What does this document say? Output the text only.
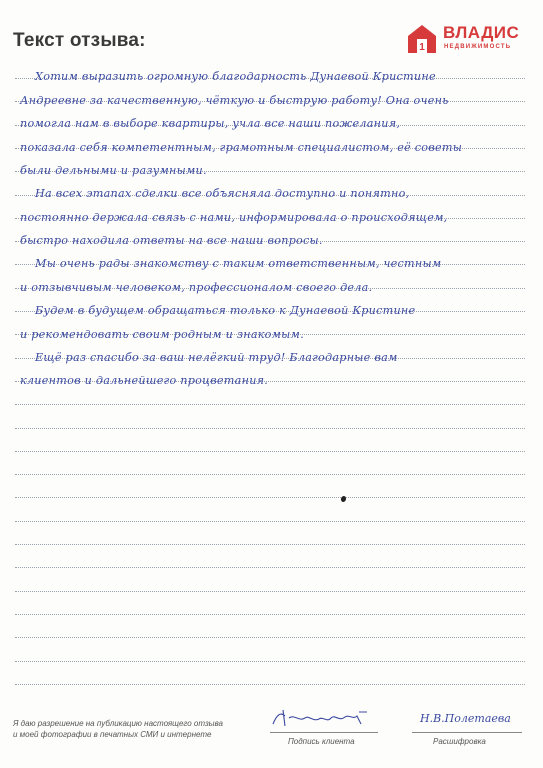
Текст отзыва:	1
ВЛАДИС
НЕДВИЖИМОСТЬ
Хотим выразить огромную благодарность Дунаевой Кристине
Андреевне за качественную, чёткую и быструю работу! Она очень
помогла нам в выборе квартиры, учла все наши пожелания,
показала себя компетентным, грамотным специалистом, её советы
были дельными и разумными.
На всех этапах сделки все объясняла доступно и понятно,
постоянно держала связь с нами, информировала о происходящем,
быстро находила ответы на все наши вопросы.
Мы очень рады знакомству с таким ответственным, честным
и отзывчивым человеком, профессионалом своего дела.
Будем в будущем обращаться только к Дунаевой Кристине
и рекомендовать своим родным и знакомым.
Ещё раз спасибо за ваш нелёгкий труд! Благодарные вам
клиентов и дальнейшего процветания.
Я даю разрешение на публикацию настоящего отзыва
и моей фотографии в печатных СМИ и интернете
Подпись клиента
Н.В.Полетаева
Расшифровка
